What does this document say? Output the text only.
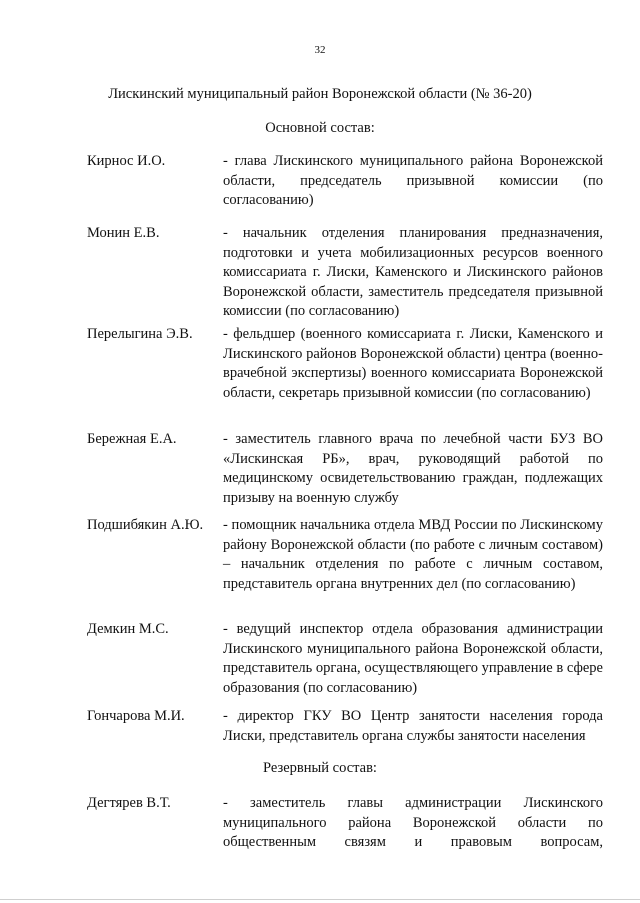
32
Лискинский муниципальный район Воронежской области (№ 36-20)
Основной состав:
Кирнос И.О.	- глава Лискинского муниципального района Воронежской области, председатель призывной комиссии (по согласованию)
Монин Е.В.	- начальник отделения планирования предназначения, подготовки и учета мобилизационных ресурсов военного комиссариата г. Лиски, Каменского и Лискинского районов Воронежской области, заместитель председателя призывной комиссии (по согласованию)
Перелыгина Э.В.	- фельдшер (военного комиссариата г. Лиски, Каменского и Лискинского районов Воронежской области) центра (военно-врачебной экспертизы) военного комиссариата Воронежской области, секретарь призывной комиссии (по согласованию)
Бережная Е.А.	- заместитель главного врача по лечебной части БУЗ ВО «Лискинская РБ», врач, руководящий работой по медицинскому освидетельствованию граждан, подлежащих призыву на военную службу
Подшибякин А.Ю.	- помощник начальника отдела МВД России по Лискинскому району Воронежской области (по работе с личным составом) – начальник отделения по работе с личным составом, представитель органа внутренних дел (по согласованию)
Демкин М.С.	- ведущий инспектор отдела образования администрации Лискинского муниципального района Воронежской области, представитель органа, осуществляющего управление в сфере образования (по согласованию)
Гончарова М.И.	- директор ГКУ ВО Центр занятости населения города Лиски, представитель органа службы занятости населения
Резервный состав:
Дегтярев В.Т.	- заместитель главы администрации Лискинского муниципального района Воронежской области по общественным связям и правовым вопросам,
